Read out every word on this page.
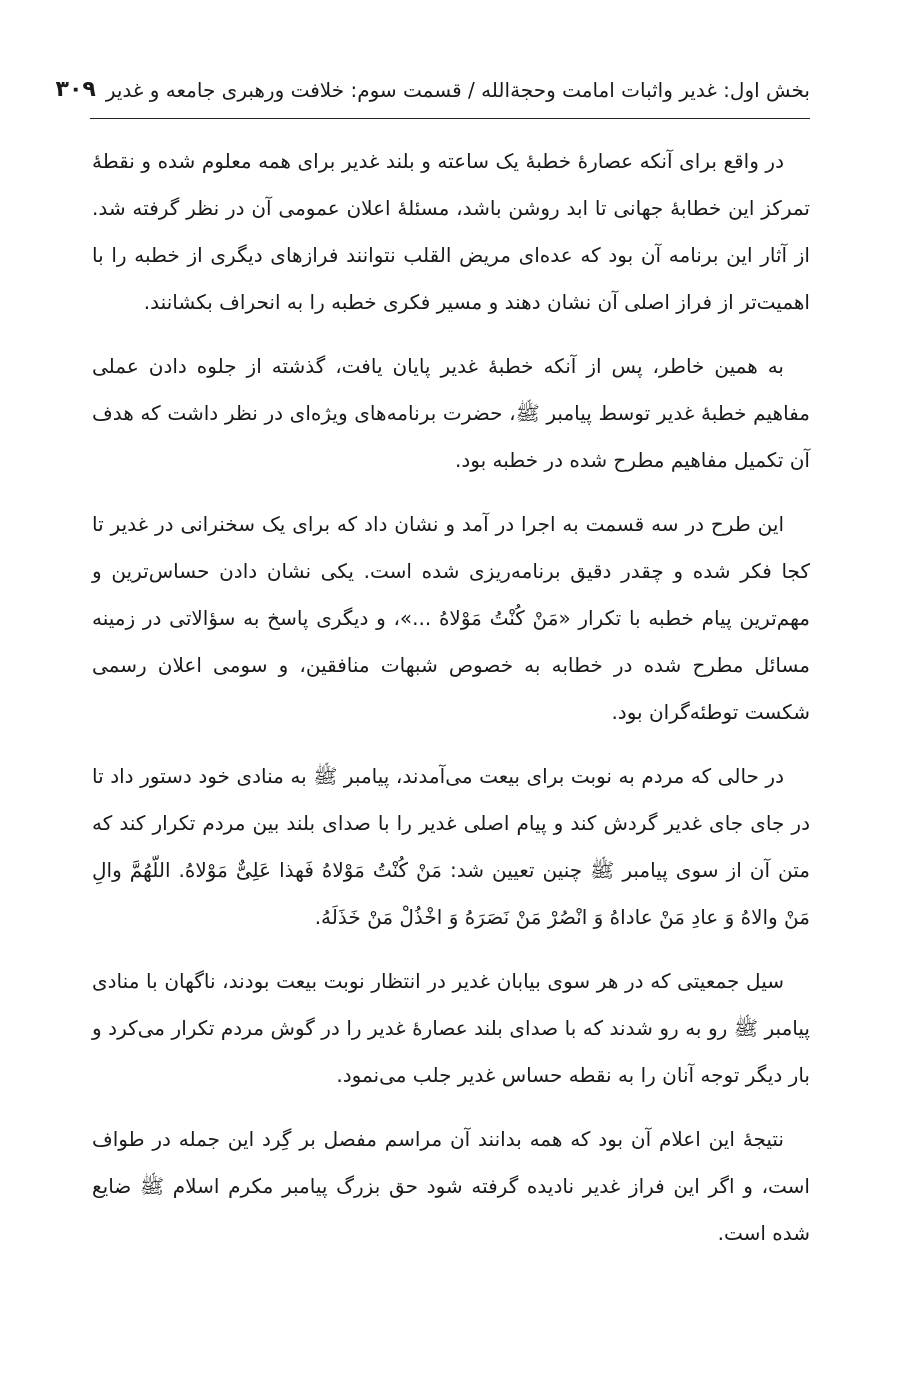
بخش اول: غدیر واثبات امامت وحجة‌الله / قسمت سوم: خلافت ورهبری جامعه و غدیر
۳۰۹

در واقع برای آنکه عصارهٔ خطبهٔ یک ساعته و بلند غدیر برای همه معلوم شده و نقطهٔ تمرکز این خطابهٔ جهانی تا ابد روشن باشد، مسئلهٔ اعلان عمومی آن در نظر گرفته شد. از آثار این برنامه آن بود که عده‌ای مریض القلب نتوانند فرازهای دیگری از خطبه را با اهمیت‌تر از فراز اصلی آن نشان دهند و مسیر فکری خطبه را به انحراف بکشانند.

به همین خاطر، پس از آنکه خطبهٔ غدیر پایان یافت، گذشته از جلوه دادن عملی مفاهیم خطبهٔ غدیر توسط پیامبر ﷺ، حضرت برنامه‌های ویژه‌ای در نظر داشت که هدف آن تکمیل مفاهیم مطرح شده در خطبه بود.

این طرح در سه قسمت به اجرا در آمد و نشان داد که برای یک سخنرانی در غدیر تا کجا فکر شده و چقدر دقیق برنامه‌ریزی شده است. یکی نشان دادن حساس‌ترین و مهم‌ترین پیام خطبه با تکرار «مَنْ کُنْتُ مَوْلاهُ ...»، و دیگری پاسخ به سؤالاتی در زمینه مسائل مطرح شده در خطابه به خصوص شبهات منافقین، و سومی اعلان رسمی شکست توطئه‌گران بود.

در حالی که مردم به نوبت برای بیعت می‌آمدند، پیامبر ﷺ به منادی خود دستور داد تا در جای جای غدیر گردش کند و پیام اصلی غدیر را با صدای بلند بین مردم تکرار کند که متن آن از سوی پیامبر ﷺ چنین تعیین شد: مَنْ کُنْتُ مَوْلاهُ فَهذا عَلِیٌّ مَوْلاهُ. اللّهُمَّ والِ مَنْ والاهُ وَ عادِ مَنْ عاداهُ وَ انْصُرْ مَنْ نَصَرَهُ وَ اخْذُلْ مَنْ خَذَلَهُ.

سیل جمعیتی که در هر سوی بیابان غدیر در انتظار نوبت بیعت بودند، ناگهان با منادی پیامبر ﷺ رو به رو شدند که با صدای بلند عصارهٔ غدیر را در گوش مردم تکرار می‌کرد و بار دیگر توجه آنان را به نقطه حساس غدیر جلب می‌نمود.

نتیجهٔ این اعلام آن بود که همه بدانند آن مراسم مفصل بر گِرد این جمله در طواف است، و اگر این فراز غدیر نادیده گرفته شود حق بزرگ پیامبر مکرم اسلام ﷺ ضایع شده است.
